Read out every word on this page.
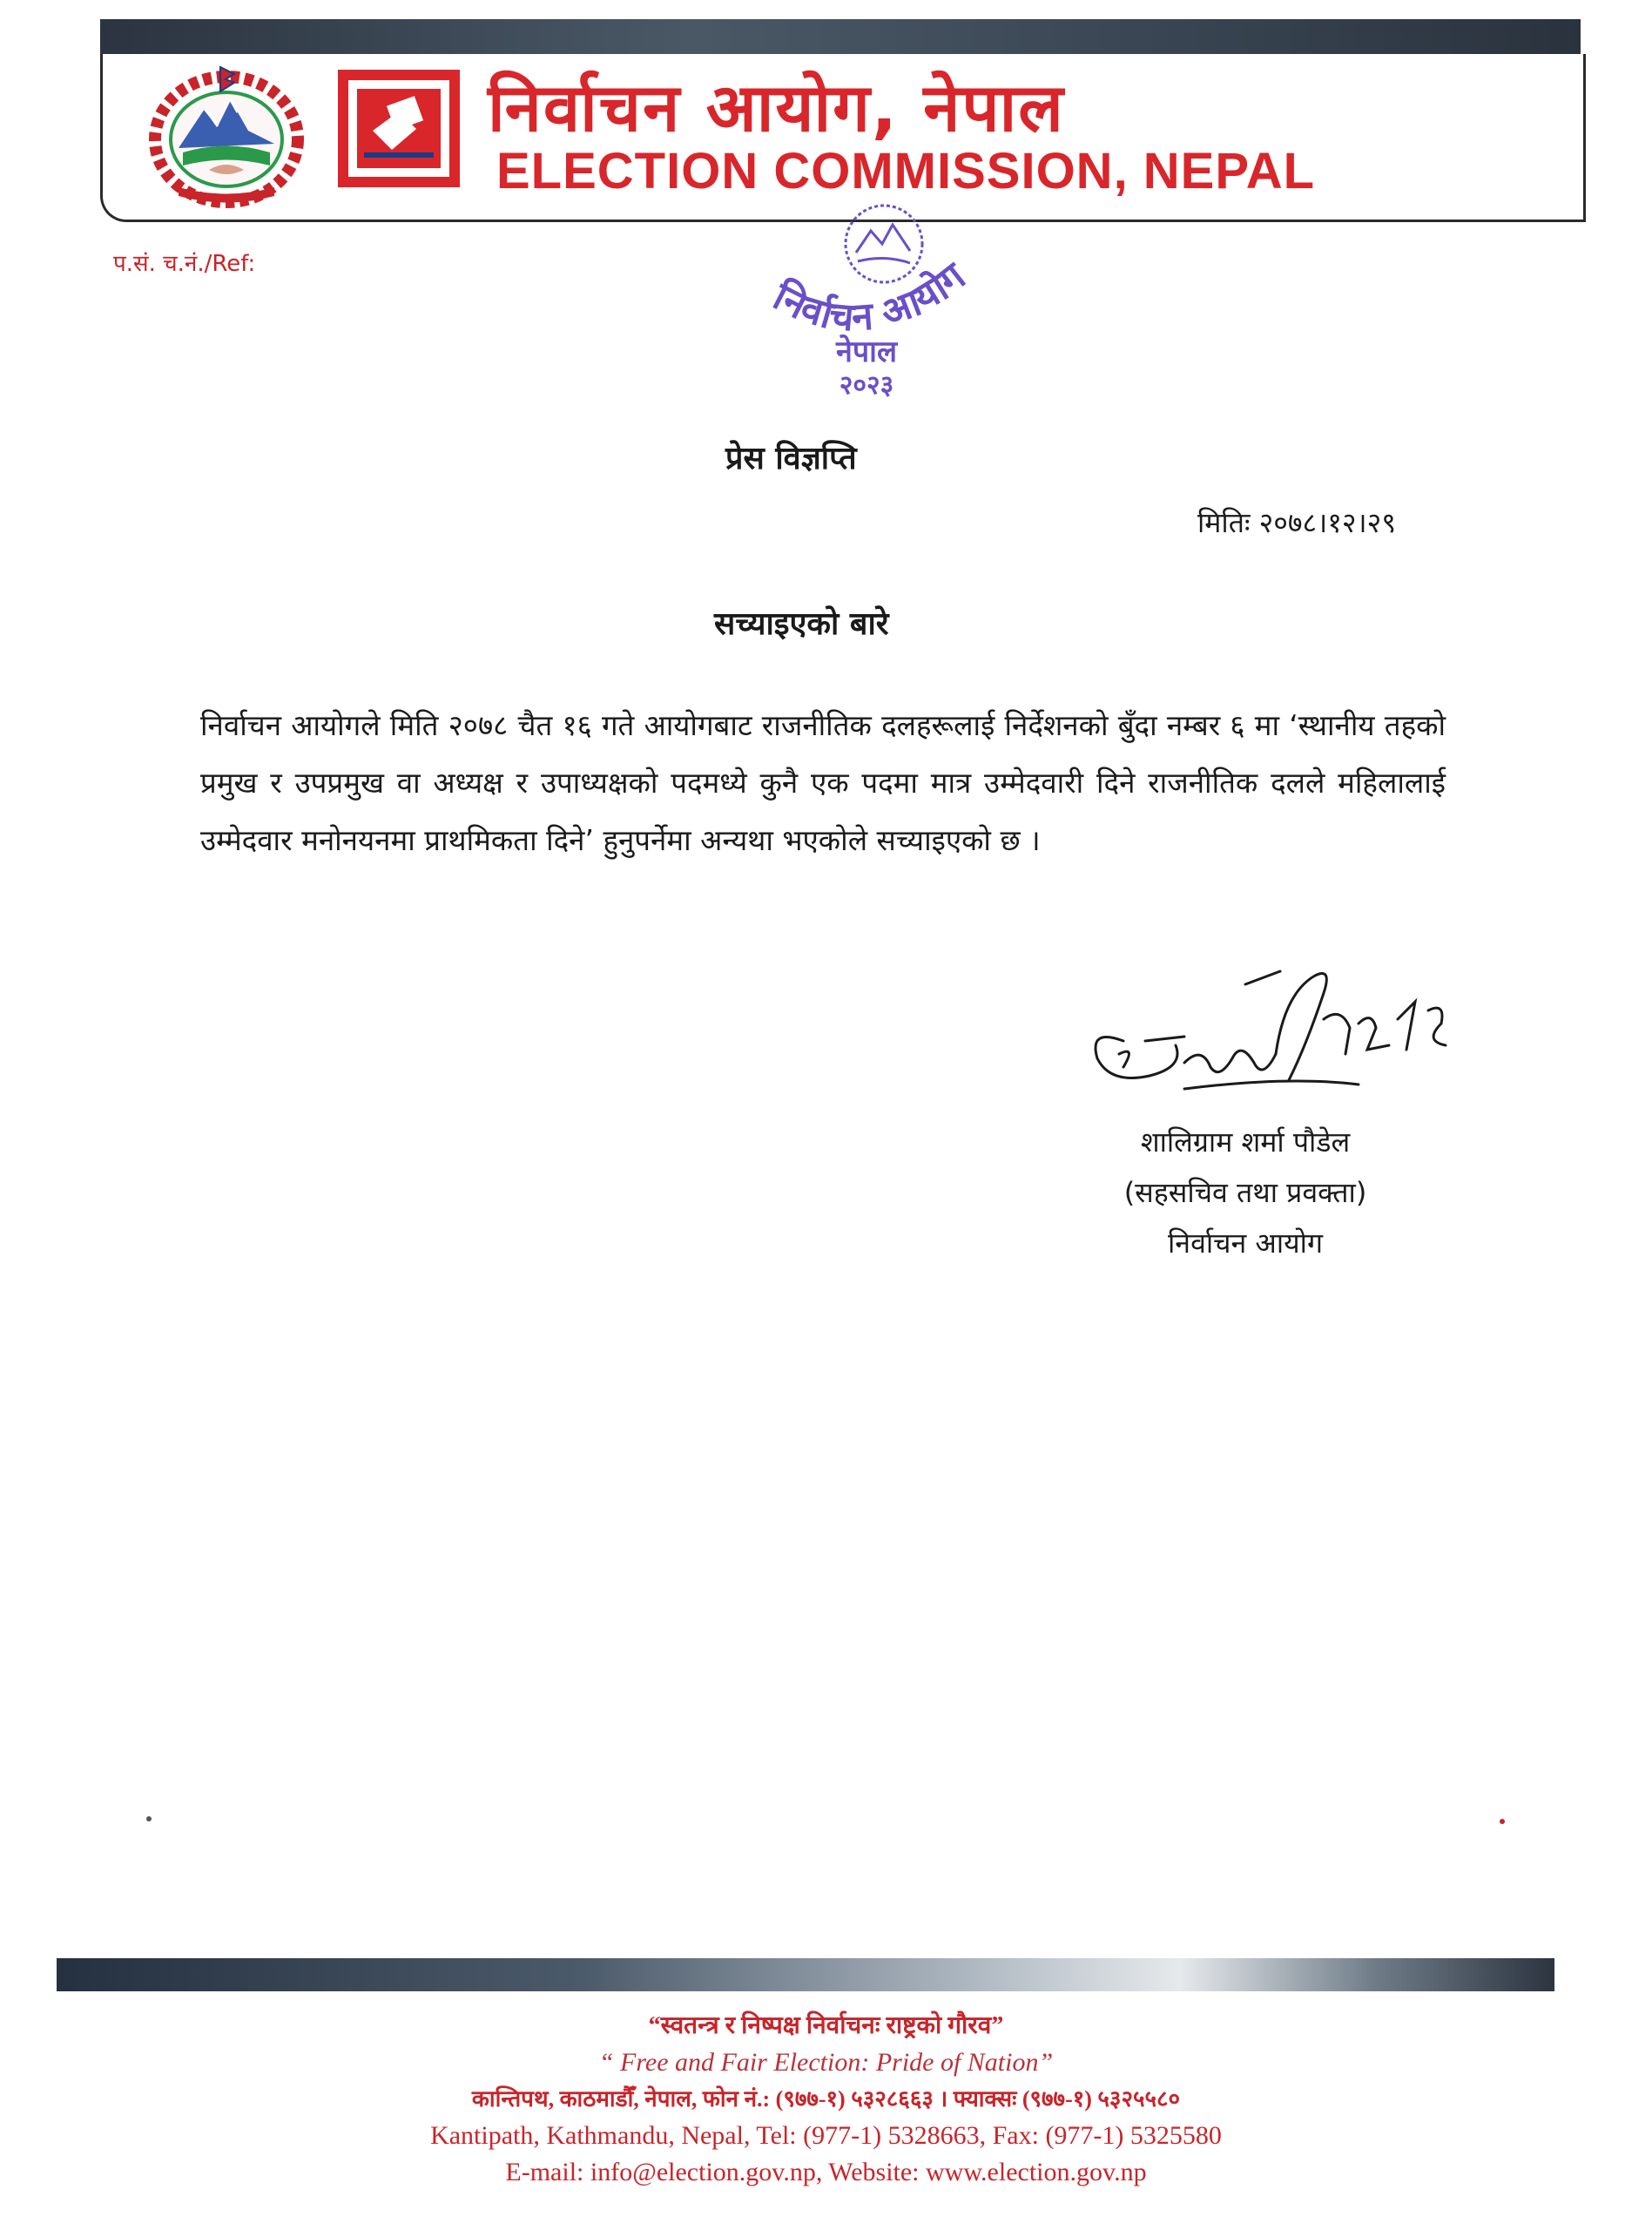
निर्वाचन आयोग, नेपाल
ELECTION COMMISSION, NEPAL
प.सं. च.नं./Ref:
निर्वाचन आयोग
नेपाल
२०२३
प्रेस विज्ञप्ति
मितिः २०७८।१२।२९
सच्याइएको बारे
निर्वाचन आयोगले मिति २०७८ चैत १६ गते आयोगबाट राजनीतिक दलहरूलाई निर्देशनको बुँदा नम्बर ६ मा ‘स्थानीय तहको प्रमुख र उपप्रमुख वा अध्यक्ष र उपाध्यक्षको पदमध्ये कुनै एक पदमा मात्र उम्मेदवारी दिने राजनीतिक दलले महिलालाई उम्मेदवार मनोनयनमा प्राथमिकता दिने’ हुनुपर्नेमा अन्यथा भएकोले सच्याइएको छ ।
शालिग्राम शर्मा पौडेल
(सहसचिव तथा प्रवक्ता)
निर्वाचन आयोग
“स्वतन्त्र र निष्पक्ष निर्वाचनः राष्ट्रको गौरव”
“ Free and Fair Election: Pride of Nation”
कान्तिपथ, काठमाडौँ, नेपाल, फोन नं.: (९७७-१) ५३२८६६३ । फ्याक्सः (९७७-१) ५३२५५८०
Kantipath, Kathmandu, Nepal, Tel: (977-1) 5328663, Fax: (977-1) 5325580
E-mail: info@election.gov.np, Website: www.election.gov.np
